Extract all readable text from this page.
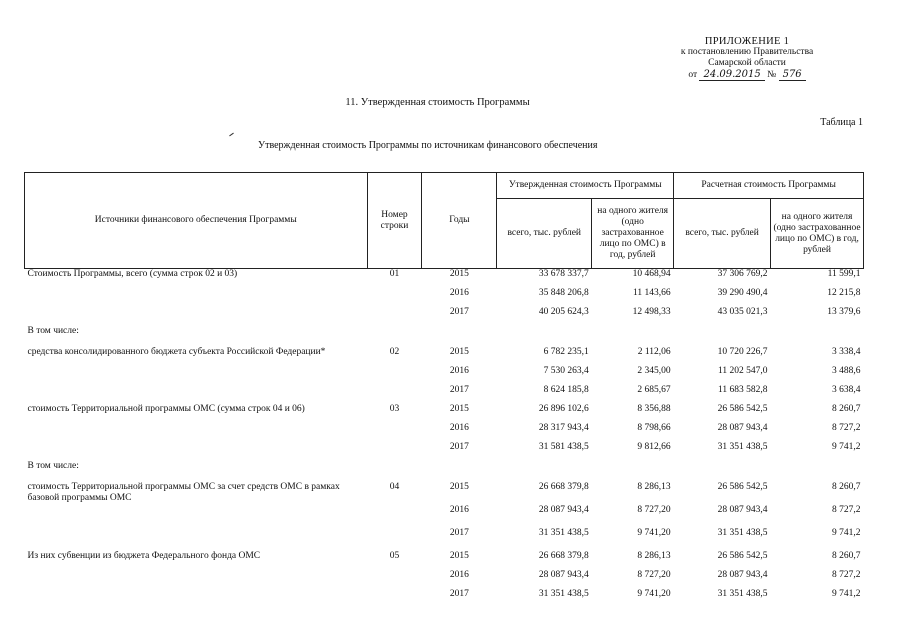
ПРИЛОЖЕНИЕ 1
к постановлению Правительства
Самарской области
от 24.09.2015 № 576
11. Утвержденная стоимость Программы
Таблица 1
Утвержденная стоимость Программы по источникам финансового обеспечения
Источники финансового обеспечения Программы	Номер строки	Годы	Утвержденная стоимость Программы		Расчетная стоимость Программы	
			всего, тыс. рублей	на одного жителя (одно застрахованное лицо по ОМС) в год, рублей	всего, тыс. рублей	на одного жителя (одно застрахованное лицо по ОМС) в год, рублей
Стоимость Программы, всего (сумма строк 02 и 03)	01	2015	33 678 337,7	10 468,94	37 306 769,2	11 599,1
		2016	35 848 206,8	11 143,66	39 290 490,4	12 215,8
		2017	40 205 624,3	12 498,33	43 035 021,3	13 379,6
В том числе:						
средства консолидированного бюджета субъекта Российской Федерации*	02	2015	6 782 235,1	2 112,06	10 720 226,7	3 338,4
		2016	7 530 263,4	2 345,00	11 202 547,0	3 488,6
		2017	8 624 185,8	2 685,67	11 683 582,8	3 638,4
стоимость Территориальной программы ОМС (сумма строк 04 и 06)	03	2015	26 896 102,6	8 356,88	26 586 542,5	8 260,7
		2016	28 317 943,4	8 798,66	28 087 943,4	8 727,2
		2017	31 581 438,5	9 812,66	31 351 438,5	9 741,2
В том числе:						
стоимость Территориальной программы ОМС за счет средств ОМС в рамках базовой программы ОМС	04	2015	26 668 379,8	8 286,13	26 586 542,5	8 260,7
		2016	28 087 943,4	8 727,20	28 087 943,4	8 727,2
		2017	31 351 438,5	9 741,20	31 351 438,5	9 741,2
Из них субвенции из бюджета Федерального фонда ОМС	05	2015	26 668 379,8	8 286,13	26 586 542,5	8 260,7
		2016	28 087 943,4	8 727,20	28 087 943,4	8 727,2
		2017	31 351 438,5	9 741,20	31 351 438,5	9 741,2
